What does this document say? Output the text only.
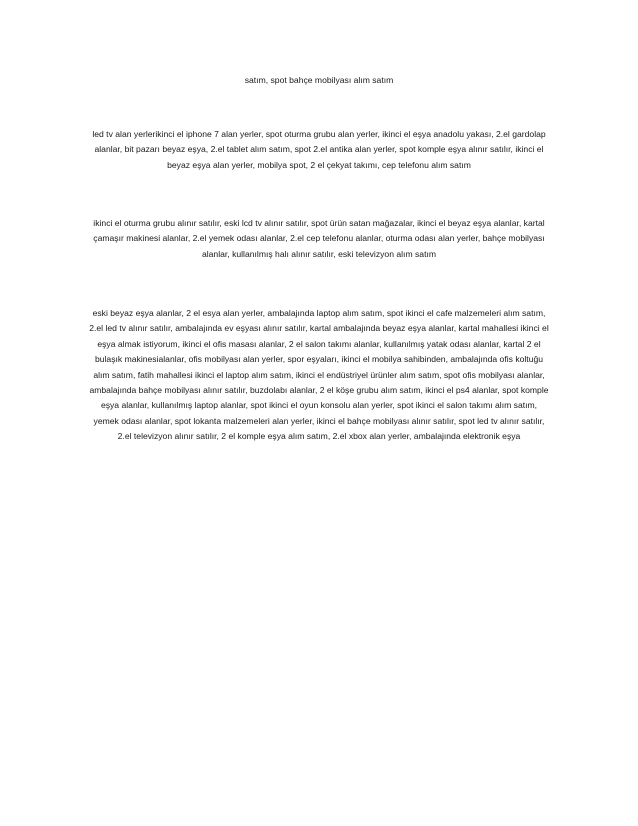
satım, spot bahçe mobilyası alım satım

led tv alan yerlerikinci el iphone 7 alan yerler, spot oturma grubu alan yerler, ikinci el eşya anadolu yakası, 2.el gardolap alanlar, bit pazarı beyaz eşya, 2.el tablet alım satım, spot 2.el antika alan yerler, spot komple eşya alınır satılır, ikinci el beyaz eşya alan yerler, mobilya spot, 2 el çekyat takımı, cep telefonu alım satım

ikinci el oturma grubu alınır satılır, eski lcd tv alınır satılır, spot ürün satan mağazalar, ikinci el beyaz eşya alanlar, kartal çamaşır makinesi alanlar, 2.el yemek odası alanlar, 2.el cep telefonu alanlar, oturma odası alan yerler, bahçe mobilyası alanlar, kullanılmış halı alınır satılır, eski televizyon alım satım

eski beyaz eşya alanlar, 2 el esya alan yerler, ambalajında laptop alım satım, spot ikinci el cafe malzemeleri alım satım, 2.el led tv alınır satılır, ambalajında ev eşyası alınır satılır, kartal ambalajında beyaz eşya alanlar, kartal mahallesi ikinci el eşya almak istiyorum, ikinci el ofis masası alanlar, 2 el salon takımı alanlar, kullanılmış yatak odası alanlar, kartal 2 el bulaşık makinesialanlar, ofis mobilyası alan yerler, spor eşyaları, ikinci el mobilya sahibinden, ambalajında ofis koltuğu alım satım, fatih mahallesi ikinci el laptop alım satım, ikinci el endüstriyel ürünler alım satım, spot ofis mobilyası alanlar, ambalajında bahçe mobilyası alınır satılır, buzdolabı alanlar, 2 el köşe grubu alım satım, ikinci el ps4 alanlar, spot komple eşya alanlar, kullanılmış laptop alanlar, spot ikinci el oyun konsolu alan yerler, spot ikinci el salon takımı alım satım, yemek odası alanlar, spot lokanta malzemeleri alan yerler, ikinci el bahçe mobilyası alınır satılır, spot led tv alınır satılır, 2.el televizyon alınır satılır, 2 el komple eşya alım satım, 2.el xbox alan yerler, ambalajında elektronik eşya
